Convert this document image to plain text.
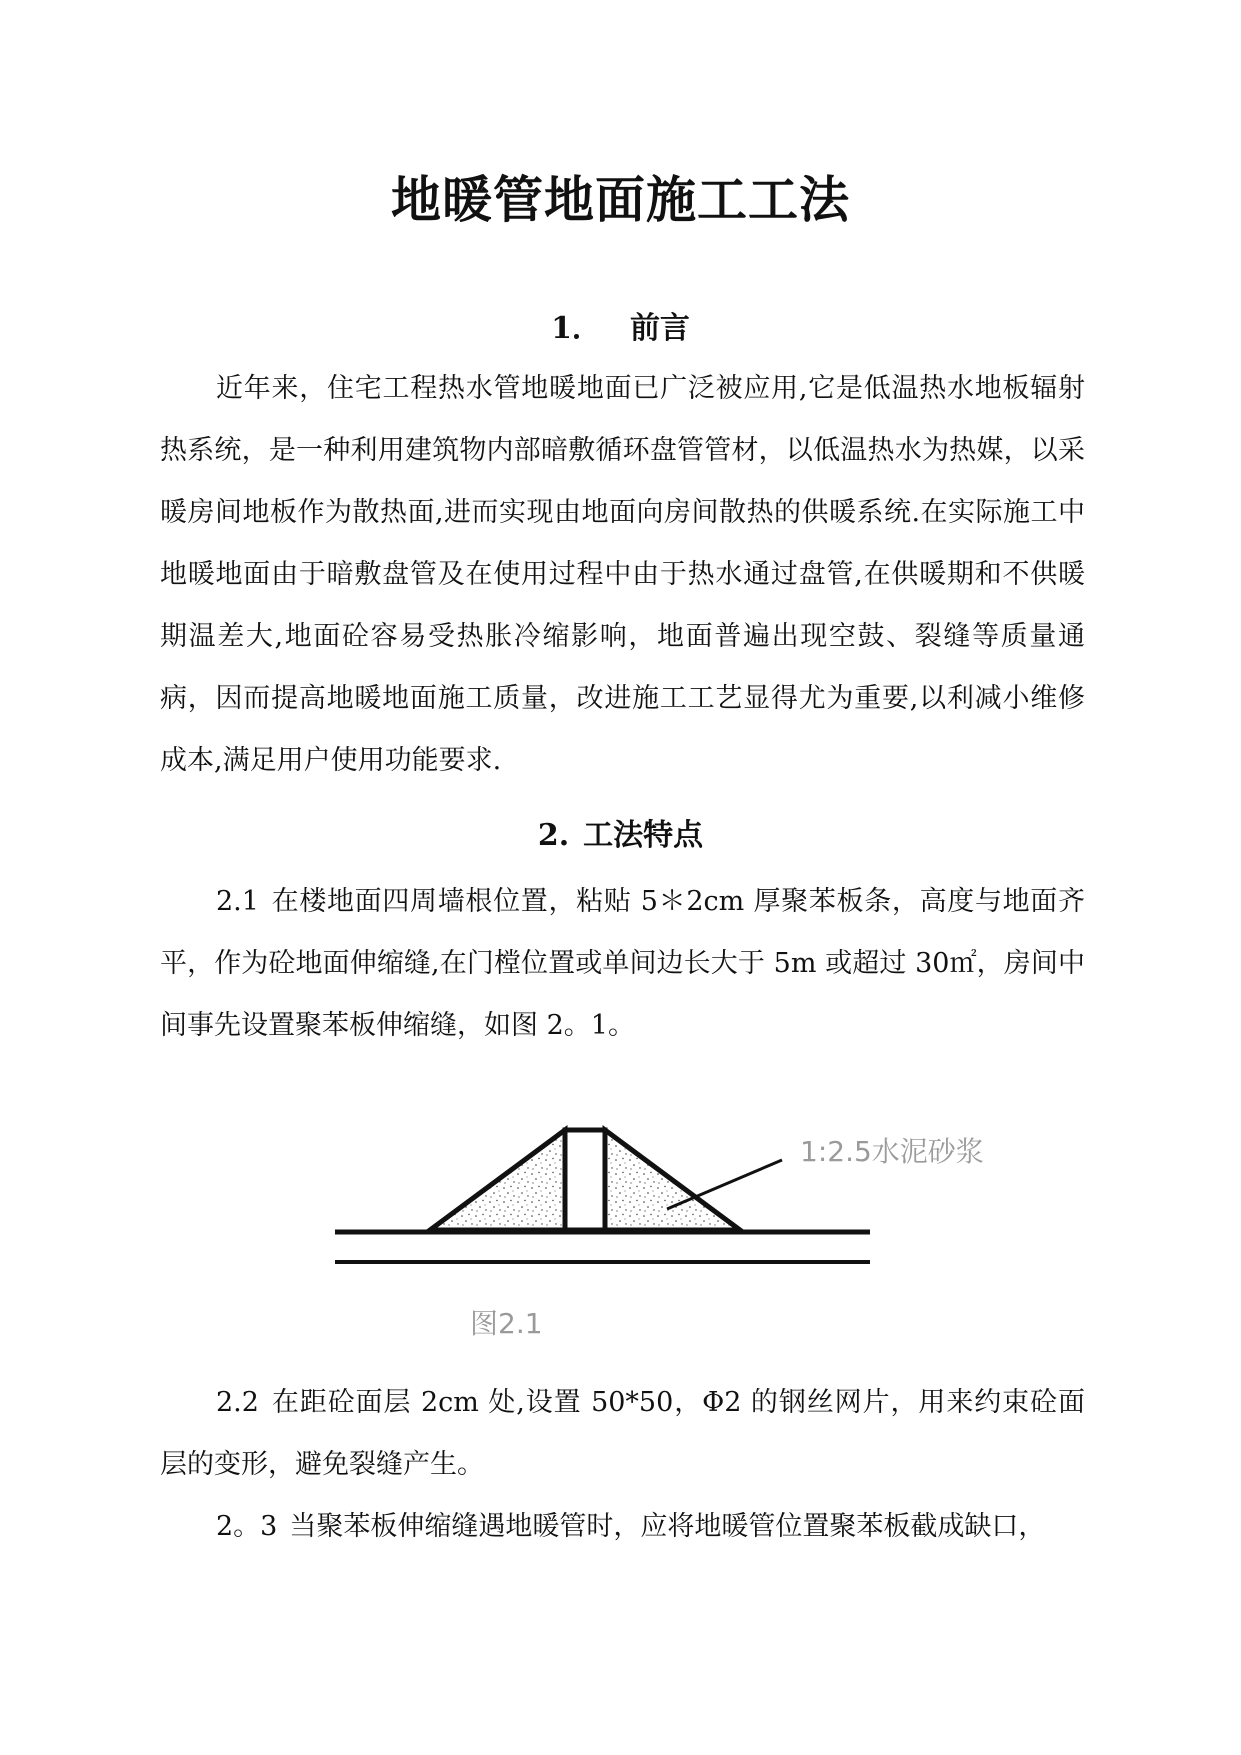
地暖管地面施工工法
1． 前言

近年来，住宅工程热水管地暖地面已广泛被应用,它是低温热水地板辐射热系统，是一种利用建筑物内部暗敷循环盘管管材，以低温热水为热媒，以采暖房间地板作为散热面,进而实现由地面向房间散热的供暖系统.在实际施工中地暖地面由于暗敷盘管及在使用过程中由于热水通过盘管,在供暖期和不供暖期温差大,地面砼容易受热胀冷缩影响，地面普遍出现空鼓、裂缝等质量通病，因而提高地暖地面施工质量，改进施工工艺显得尤为重要,以利减小维修成本,满足用户使用功能要求.

2. 工法特点

2.1 在楼地面四周墙根位置，粘贴 5＊2cm 厚聚苯板条，高度与地面齐平，作为砼地面伸缩缝,在门樘位置或单间边长大于 5m 或超过 30㎡，房间中间事先设置聚苯板伸缩缝，如图 2。1。

1:2.5水泥砂浆

图2.1

2.2 在距砼面层 2cm 处,设置 50*50，Φ2 的钢丝网片，用来约束砼面层的变形，避免裂缝产生。

2。3 当聚苯板伸缩缝遇地暖管时，应将地暖管位置聚苯板截成缺口，
